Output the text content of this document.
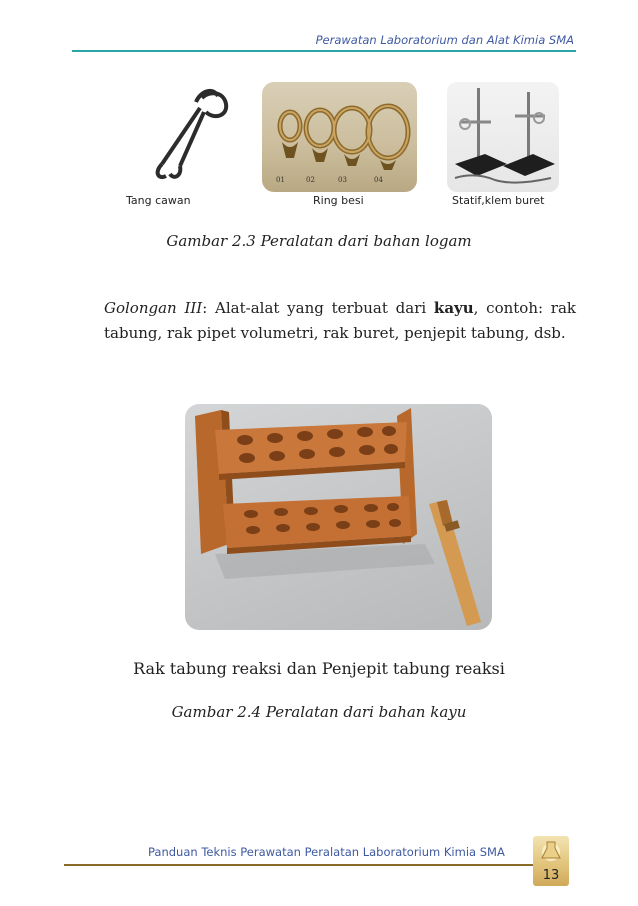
Perawatan Laboratorium dan Alat Kimia SMA
01	02	03	04
Tang cawan	Ring besi	Statif,klem buret
Gambar 2.3 Peralatan dari bahan logam
Golongan III: Alat-alat yang terbuat dari kayu, contoh: rak tabung, rak pipet volumetri, rak buret, penjepit tabung, dsb.
Rak tabung reaksi dan Penjepit tabung reaksi
Gambar 2.4 Peralatan dari bahan kayu
Panduan Teknis Perawatan Peralatan Laboratorium Kimia SMA
13
